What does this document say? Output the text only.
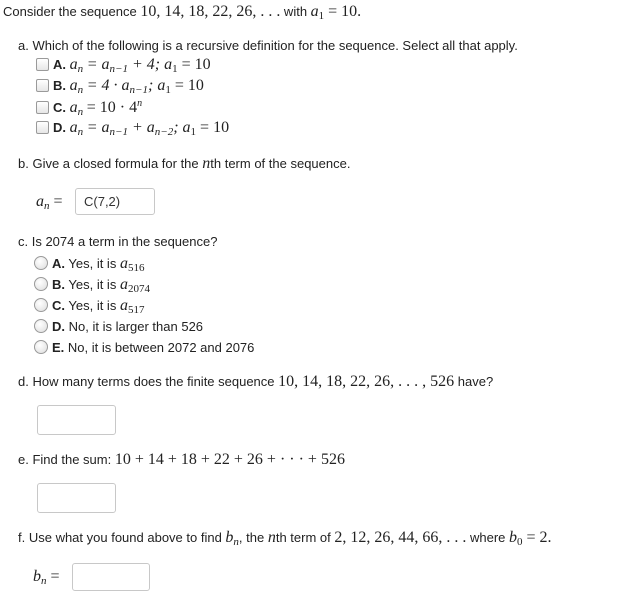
Consider the sequence 10, 14, 18, 22, 26, . . . with $a_1 = 10$.
a. Which of the following is a recursive definition for the sequence. Select all that apply.
A. $a_n = a_{n-1} + 4$; $a_1 = 10$
B. $a_n = 4 \cdot a_{n-1}$; $a_1 = 10$
C. $a_n = 10 \cdot 4^n$
D. $a_n = a_{n-1} + a_{n-2}$; $a_1 = 10$
b. Give a closed formula for the nth term of the sequence.
$a_n$ =	C(7,2)
c. Is 2074 a term in the sequence?
A. Yes, it is $a_{516}$
B. Yes, it is $a_{2074}$
C. Yes, it is $a_{517}$
D. No, it is larger than 526
E. No, it is between 2072 and 2076
d. How many terms does the finite sequence 10, 14, 18, 22, 26, . . . , 526 have?
e. Find the sum: 10 + 14 + 18 + 22 + 26 + · · · + 526
f. Use what you found above to find $b_n$, the nth term of 2, 12, 26, 44, 66, . . . where $b_0 = 2$.
$b_n$ =
